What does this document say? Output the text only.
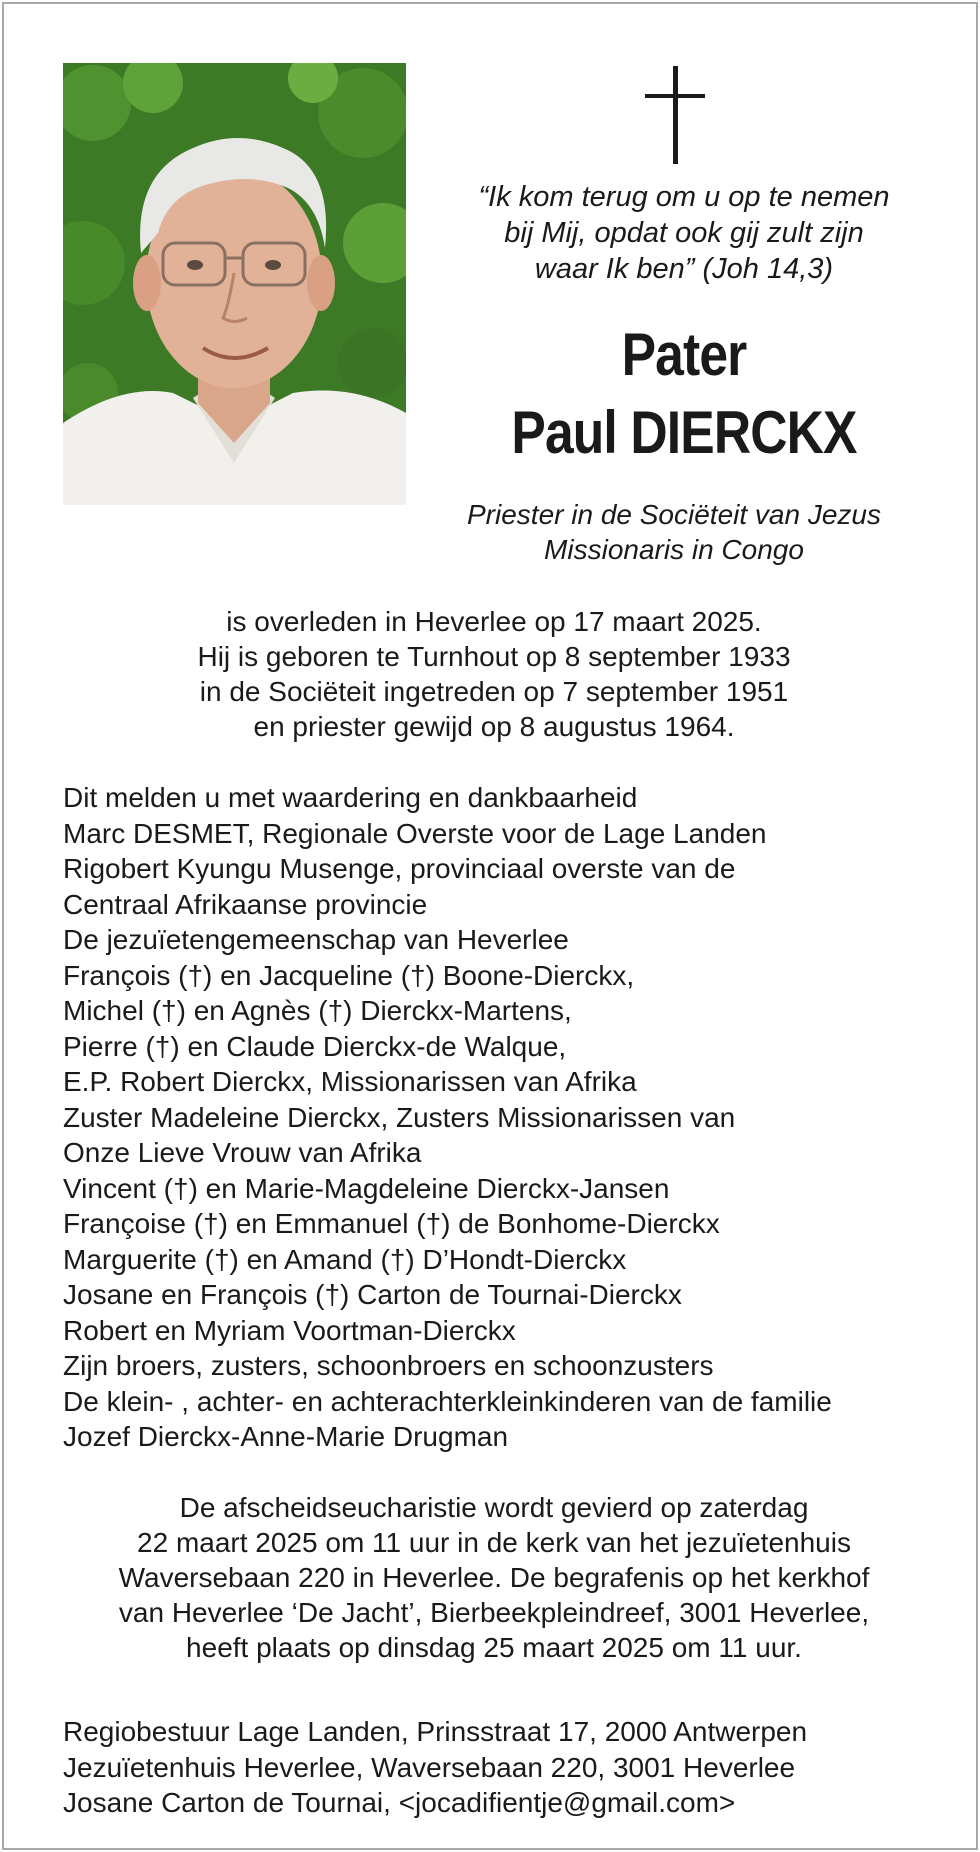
“Ik kom terug om u op te nemen
bij Mij, opdat ook gij zult zijn
waar Ik ben” (Joh 14,3)
Pater
Paul DIERCKX
Priester in de Sociëteit van Jezus
Missionaris in Congo
is overleden in Heverlee op 17 maart 2025.
Hij is geboren te Turnhout op 8 september 1933
in de Sociëteit ingetreden op 7 september 1951
en priester gewijd op 8 augustus 1964.
Dit melden u met waardering en dankbaarheid
Marc DESMET, Regionale Overste voor de Lage Landen
Rigobert Kyungu Musenge, provinciaal overste van de
Centraal Afrikaanse provincie
De jezuïetengemeenschap van Heverlee
François (†) en Jacqueline (†) Boone-Dierckx,
Michel (†) en Agnès (†) Dierckx-Martens,
Pierre (†) en Claude Dierckx-de Walque,
E.P. Robert Dierckx, Missionarissen van Afrika
Zuster Madeleine Dierckx, Zusters Missionarissen van
Onze Lieve Vrouw van Afrika
Vincent (†) en Marie-Magdeleine Dierckx-Jansen
Françoise (†) en Emmanuel (†) de Bonhome-Dierckx
Marguerite (†) en Amand (†) D’Hondt-Dierckx
Josane en François (†) Carton de Tournai-Dierckx
Robert en Myriam Voortman-Dierckx
Zijn broers, zusters, schoonbroers en schoonzusters
De klein- , achter- en achterachterkleinkinderen van de familie
Jozef Dierckx-Anne-Marie Drugman
De afscheidseucharistie wordt gevierd op zaterdag
22 maart 2025 om 11 uur in de kerk van het jezuïetenhuis
Waversebaan 220 in Heverlee. De begrafenis op het kerkhof
van Heverlee ‘De Jacht’, Bierbeekpleindreef, 3001 Heverlee,
heeft plaats op dinsdag 25 maart 2025 om 11 uur.
Regiobestuur Lage Landen, Prinsstraat 17, 2000 Antwerpen
Jezuïetenhuis Heverlee, Waversebaan 220, 3001 Heverlee
Josane Carton de Tournai, <jocadifientje@gmail.com>
